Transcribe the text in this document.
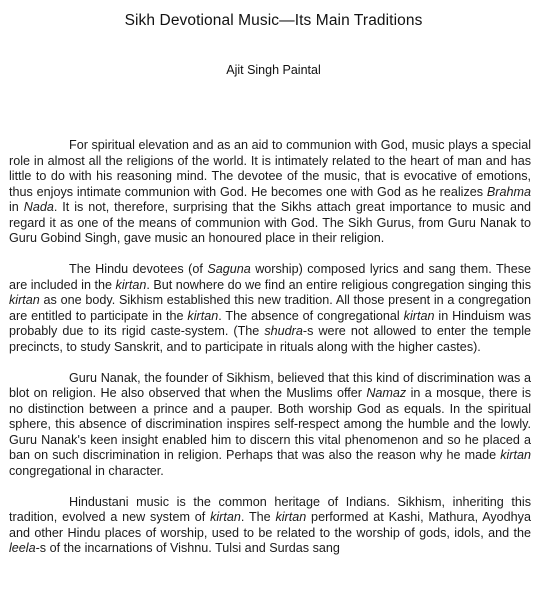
Sikh Devotional Music—Its Main Traditions
Ajit Singh Paintal

For spiritual elevation and as an aid to communion with God, music plays a special role in almost all the religions of the world. It is intimately related to the heart of man and has little to do with his reasoning mind. The devotee of the music, that is evocative of emotions, thus enjoys intimate communion with God. He becomes one with God as he realizes Brahma in Nada. It is not, therefore, surprising that the Sikhs attach great importance to music and regard it as one of the means of communion with God. The Sikh Gurus, from Guru Nanak to Guru Gobind Singh, gave music an honoured place in their religion.

The Hindu devotees (of Saguna worship) composed lyrics and sang them. These are included in the kirtan. But nowhere do we find an entire religious congregation singing this kirtan as one body. Sikhism established this new tradition. All those present in a congregation are entitled to participate in the kirtan. The absence of congregational kirtan in Hinduism was probably due to its rigid caste-system. (The shudra-s were not allowed to enter the temple precincts, to study Sanskrit, and to participate in rituals along with the higher castes).

Guru Nanak, the founder of Sikhism, believed that this kind of discrimination was a blot on religion. He also observed that when the Muslims offer Namaz in a mosque, there is no distinction between a prince and a pauper. Both worship God as equals. In the spiritual sphere, this absence of discrimination inspires self-respect among the humble and the lowly. Guru Nanak's keen insight enabled him to discern this vital phenomenon and so he placed a ban on such discrimination in religion. Perhaps that was also the reason why he made kirtan congregational in character.

Hindustani music is the common heritage of Indians. Sikhism, inheriting this tradition, evolved a new system of kirtan. The kirtan performed at Kashi, Mathura, Ayodhya and other Hindu places of worship, used to be related to the worship of gods, idols, and the leela-s of the incarnations of Vishnu. Tulsi and Surdas sang
